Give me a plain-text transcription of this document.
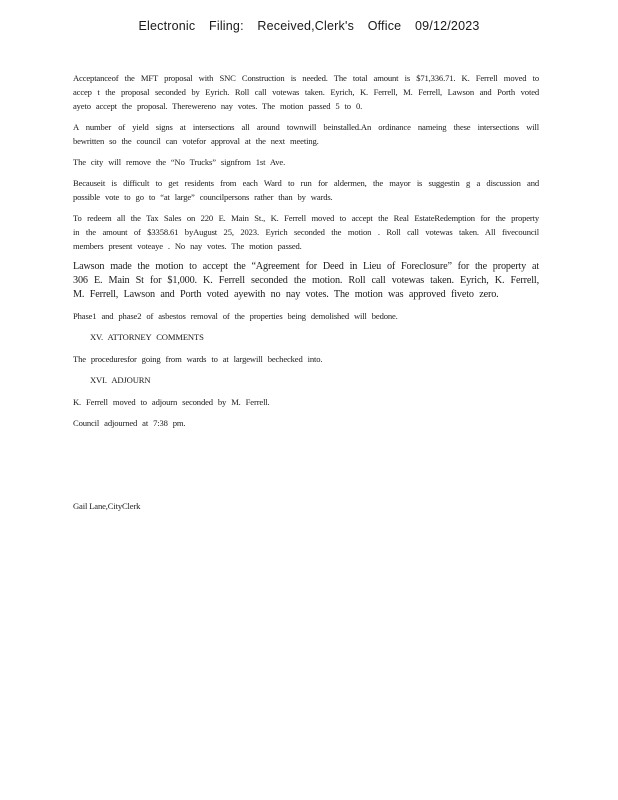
Electronic Filing: Received,Clerk's Office 09/12/2023

Acceptanceof the MFT proposal with SNC Construction is needed. The total amount is $71,336.71. K. Ferrell moved to accep t the proposal seconded by Eyrich. Roll call votewas taken. Eyrich, K. Ferrell, M. Ferrell, Lawson and Porth voted ayeto accept the proposal. Therewereno nay votes. The motion passed 5 to 0.

A number of yield signs at intersections all around townwill beinstalled.An ordinance nameing these intersections will bewritten so the council can votefor approval at the next meeting.

The city will remove the “No Trucks” signfrom 1st Ave.

Becauseit is difficult to get residents from each Ward to run for aldermen, the mayor is suggestin g a discussion and possible vote to go to “at large” councilpersons rather than by wards.

To redeem all the Tax Sales on 220 E. Main St., K. Ferrell moved to accept the Real EstateRedemption for the property in the amount of $3358.61 byAugust 25, 2023. Eyrich seconded the motion . Roll call votewas taken. All fivecouncil members present voteaye . No nay votes. The motion passed.

Lawson made the motion to accept the “Agreement for Deed in Lieu of Foreclosure” for the property at 306 E. Main St for $1,000. K. Ferrell seconded the motion. Roll call votewas taken. Eyrich, K. Ferrell, M. Ferrell, Lawson and Porth voted ayewith no nay votes. The motion was approved fiveto zero.

Phase1 and phase2 of asbestos removal of the properties being demolished will bedone.

XV. ATTORNEY COMMENTS

The proceduresfor going from wards to at largewill bechecked into.

XVI. ADJOURN

K. Ferrell moved to adjourn seconded by M. Ferrell.

Council adjourned at 7:38 pm.

Gail Lane,CityClerk
